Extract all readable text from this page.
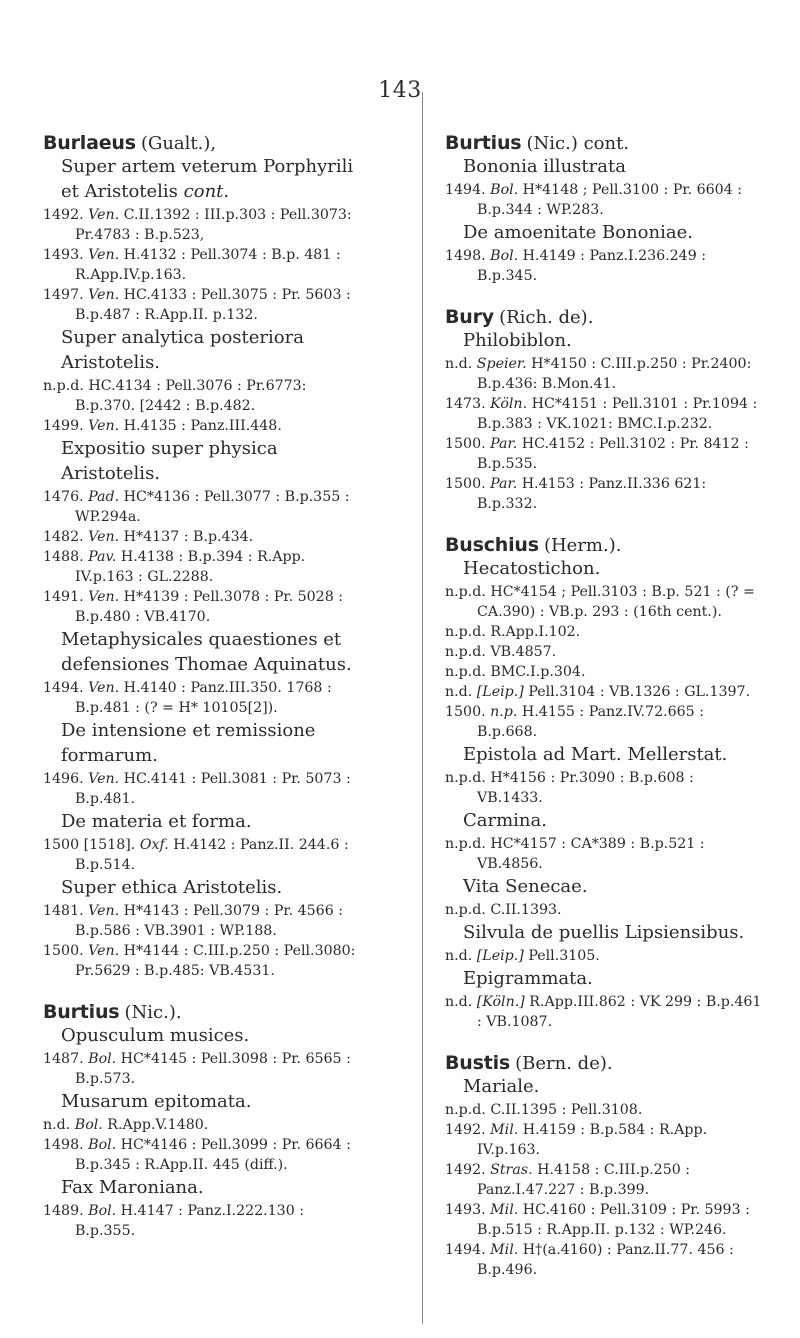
143
Burlaeus (Gualt.),
Super artem veterum Porphyrili et Aristotelis cont.
1492. Ven. C.II.1392 : III.p.303 : Pell.3073: Pr.4783 : B.p.523,
1493. Ven. H.4132 : Pell.3074 : B.p. 481 : R.App.IV.p.163.
1497. Ven. HC.4133 : Pell.3075 : Pr. 5603 : B.p.487 : R.App.II. p.132.
Super analytica posteriora Aristotelis.
n.p.d. HC.4134 : Pell.3076 : Pr.6773: B.p.370. [2442 : B.p.482.
1499. Ven. H.4135 : Panz.III.448.
Expositio super physica Aristotelis.
1476. Pad. HC*4136 : Pell.3077 : B.p.355 : WP.294a.
1482. Ven. H*4137 : B.p.434.
1488. Pav. H.4138 : B.p.394 : R.App. IV.p.163 : GL.2288.
1491. Ven. H*4139 : Pell.3078 : Pr. 5028 : B.p.480 : VB.4170.
Metaphysicales quaestiones et defensiones Thomae Aquinatus.
1494. Ven. H.4140 : Panz.III.350. 1768 : B.p.481 : (? = H* 10105[2]).
De intensione et remissione formarum.
1496. Ven. HC.4141 : Pell.3081 : Pr. 5073 : B.p.481.
De materia et forma.
1500 [1518]. Oxf. H.4142 : Panz.II. 244.6 : B.p.514.
Super ethica Aristotelis.
1481. Ven. H*4143 : Pell.3079 : Pr. 4566 : B.p.586 : VB.3901 : WP.188.
1500. Ven. H*4144 : C.III.p.250 : Pell.3080: Pr.5629 : B.p.485: VB.4531.
Burtius (Nic.).
Opusculum musices.
1487. Bol. HC*4145 : Pell.3098 : Pr. 6565 : B.p.573.
Musarum epitomata.
n.d. Bol. R.App.V.1480.
1498. Bol. HC*4146 : Pell.3099 : Pr. 6664 : B.p.345 : R.App.II. 445 (diff.).
Fax Maroniana.
1489. Bol. H.4147 : Panz.I.222.130 : B.p.355.
Burtius (Nic.) cont.
Bononia illustrata
1494. Bol. H*4148 ; Pell.3100 : Pr. 6604 : B.p.344 : WP.283.
De amoenitate Bononiae.
1498. Bol. H.4149 : Panz.I.236.249 : B.p.345.
Bury (Rich. de).
Philobiblon.
n.d. Speier. H*4150 : C.III.p.250 : Pr.2400: B.p.436: B.Mon.41.
1473. Köln. HC*4151 : Pell.3101 : Pr.1094 : B.p.383 : VK.1021: BMC.I.p.232.
1500. Par. HC.4152 : Pell.3102 : Pr. 8412 : B.p.535.
1500. Par. H.4153 : Panz.II.336 621: B.p.332.
Buschius (Herm.).
Hecatostichon.
n.p.d. HC*4154 ; Pell.3103 : B.p. 521 : (? = CA.390) : VB.p. 293 : (16th cent.).
n.p.d. R.App.I.102.
n.p.d. VB.4857.
n.p.d. BMC.I.p.304.
n.d. [Leip.] Pell.3104 : VB.1326 : GL.1397.
1500. n.p. H.4155 : Panz.IV.72.665 : B.p.668.
Epistola ad Mart. Mellerstat.
n.p.d. H*4156 : Pr.3090 : B.p.608 : VB.1433.
Carmina.
n.p.d. HC*4157 : CA*389 : B.p.521 : VB.4856.
Vita Senecae.
n.p.d. C.II.1393.
Silvula de puellis Lipsiensibus.
n.d. [Leip.] Pell.3105.
Epigrammata.
n.d. [Köln.] R.App.III.862 : VK 299 : B.p.461 : VB.1087.
Bustis (Bern. de).
Mariale.
n.p.d. C.II.1395 : Pell.3108.
1492. Mil. H.4159 : B.p.584 : R.App. IV.p.163.
1492. Stras. H.4158 : C.III.p.250 : Panz.I.47.227 : B.p.399.
1493. Mil. HC.4160 : Pell.3109 : Pr. 5993 : B.p.515 : R.App.II. p.132 : WP.246.
1494. Mil. H†(a.4160) : Panz.II.77. 456 : B.p.496.
